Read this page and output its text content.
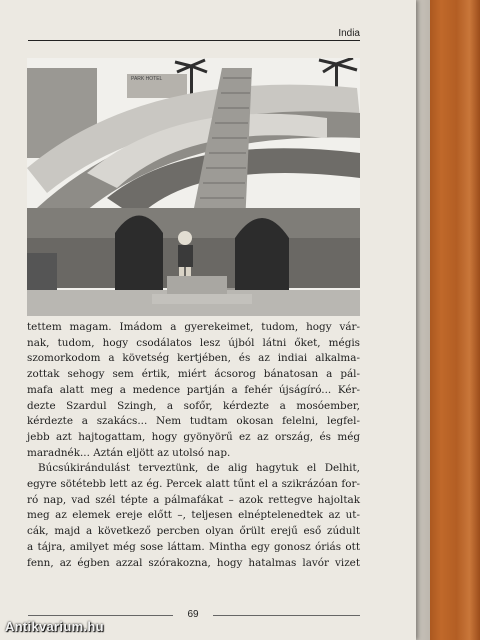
India
PARK HOTEL
tettem magam. Imádom a gyerekeimet, tudom, hogy vár-
nak, tudom, hogy csodálatos lesz újból látni őket, mégis
szomorkodom a követség kertjében, és az indiai alkalma-
zottak sehogy sem értik, miért ácsorog bánatosan a pál-
mafa alatt meg a medence partján a fehér újságíró... Kér-
dezte Szardul Szingh, a sofőr, kérdezte a mosóember,
kérdezte a szakács... Nem tudtam okosan felelni, legfel-
jebb azt hajtogattam, hogy gyönyörű ez az ország, és még
maradnék... Aztán eljött az utolsó nap.
Búcsúkirándulást terveztünk, de alig hagytuk el Delhit,
egyre sötétebb lett az ég. Percek alatt tűnt el a szikrázóan for-
ró nap, vad szél tépte a pálmafákat – azok rettegve hajoltak
meg az elemek ereje előtt –, teljesen elnéptelenedtek az ut-
cák, majd a következő percben olyan őrült erejű eső zúdult
a tájra, amilyet még sose láttam. Mintha egy gonosz óriás ott
fenn, az égben azzal szórakozna, hogy hatalmas lavór vizet
69
Antikvarium.hu
